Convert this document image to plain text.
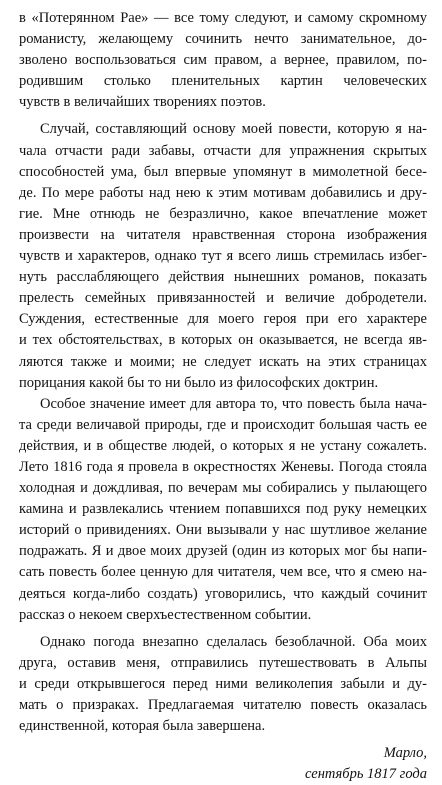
в «Потерянном Рае» — все тому следуют, и самому скромному
романисту, желающему сочинить нечто занимательное, до-
зволено воспользоваться сим правом, а вернее, правилом, по-
родившим столько пленительных картин человеческих
чувств в величайших творениях поэтов.
Случай, составляющий основу моей повести, которую я на-
чала отчасти ради забавы, отчасти для упражнения скрытых
способностей ума, был впервые упомянут в мимолетной бесе-
де. По мере работы над нею к этим мотивам добавились и дру-
гие. Мне отнюдь не безразлично, какое впечатление может
произвести на читателя нравственная сторона изображения
чувств и характеров, однако тут я всего лишь стремилась избег-
нуть расслабляющего действия нынешних романов, показать
прелесть семейных привязанностей и величие добродетели.
Суждения, естественные для моего героя при его характере
и тех обстоятельствах, в которых он оказывается, не всегда яв-
ляются также и моими; не следует искать на этих страницах
порицания какой бы то ни было из философских доктрин.
Особое значение имеет для автора то, что повесть была нача-
та среди величавой природы, где и происходит большая часть ее
действия, и в обществе людей, о которых я не устану сожалеть.
Лето 1816 года я провела в окрестностях Женевы. Погода стояла
холодная и дождливая, по вечерам мы собирались у пылающего
камина и развлекались чтением попавшихся под руку немецких
историй о привидениях. Они вызывали у нас шутливое желание
подражать. Я и двое моих друзей (один из которых мог бы напи-
сать повесть более ценную для читателя, чем все, что я смею на-
деяться когда-либо создать) уговорились, что каждый сочинит
рассказ о некоем сверхъестественном событии.
Однако погода внезапно сделалась безоблачной. Оба моих
друга, оставив меня, отправились путешествовать в Альпы
и среди открывшегося перед ними великолепия забыли и ду-
мать о призраках. Предлагаемая читателю повесть оказалась
единственной, которая была завершена.
Марло,
сентябрь 1817 года
